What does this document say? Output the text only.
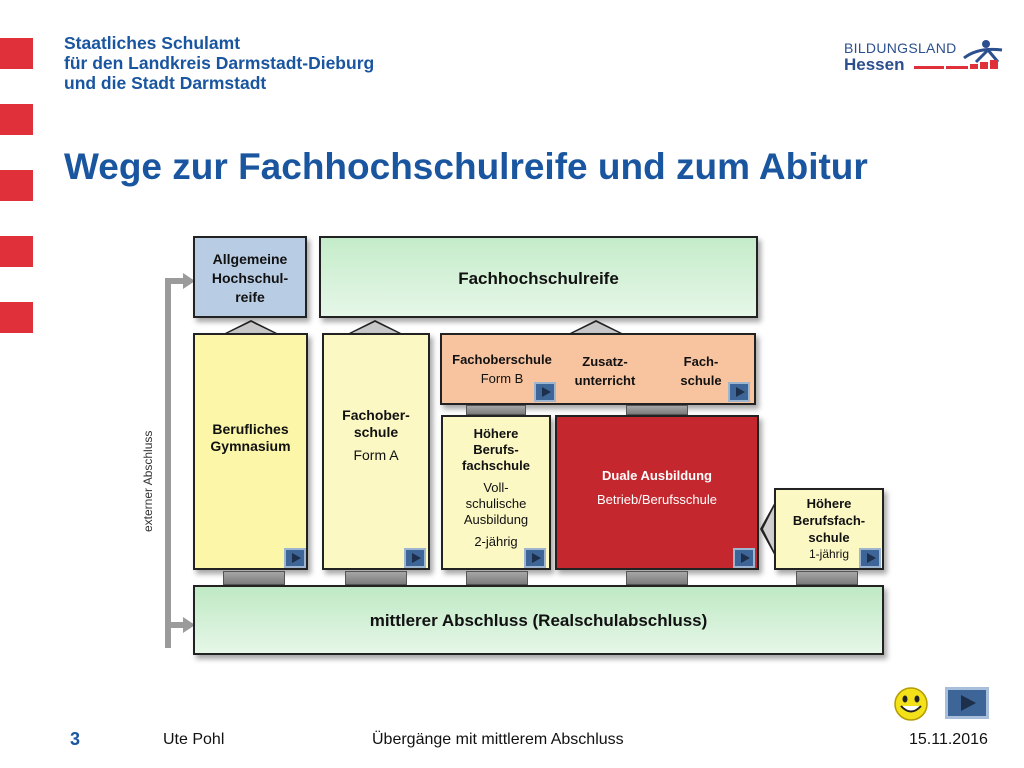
Staatliches Schulamt
für den Landkreis Darmstadt-Dieburg
und die Stadt Darmstadt
BILDUNGSLAND
Hessen
Wege zur Fachhochschulreife und zum Abitur
externer Abschluss
Allgemeine
Hochschul-
reife
Fachhochschulreife
Berufliches
Gymnasium
Fachober-
schule
Form A
Fachoberschule
Form B
Zusatz-
unterricht
Fach-
schule
Höhere
Berufs-
fachschule
Voll-
schulische
Ausbildung
2-jährig
Duale Ausbildung
Betrieb/Berufsschule	Höhere
Berufsfach-
schule
1-jährig
mittlerer Abschluss (Realschulabschluss)
3	Ute Pohl	Übergänge mit mittlerem Abschluss	15.11.2016
